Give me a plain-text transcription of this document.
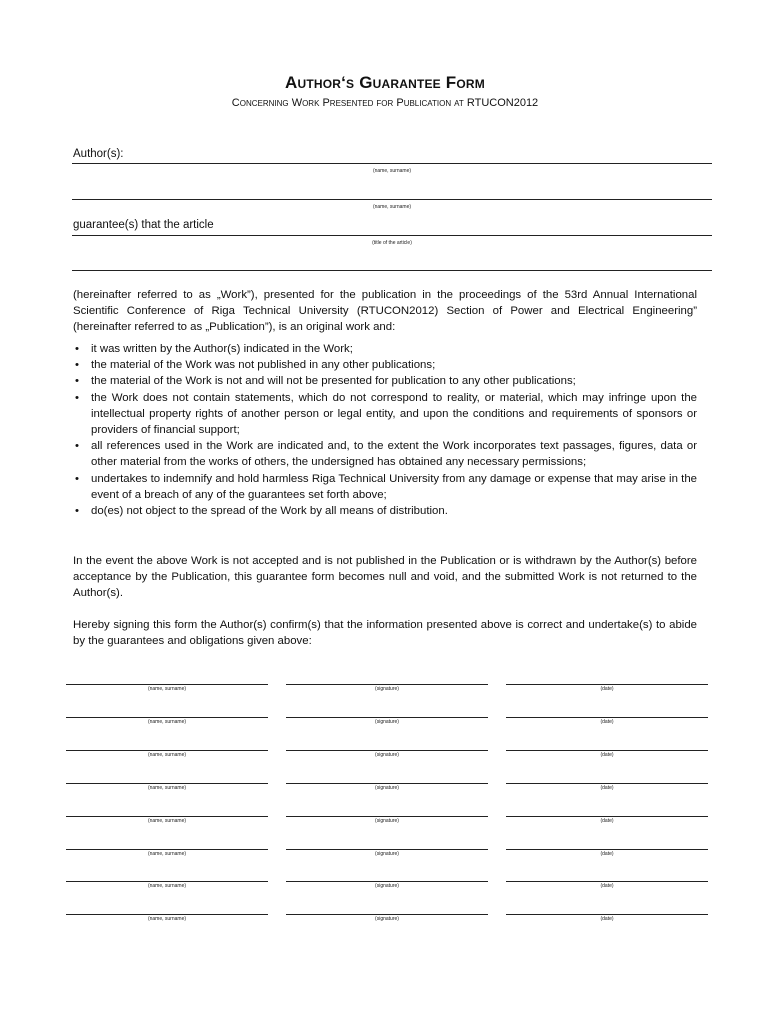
Author‘s Guarantee Form
Concerning Work Presented for Publication at RTUCON2012
Author(s):
(name, surname)
(name, surname)
guarantee(s) that the article
(title of the article)
(hereinafter referred to as „Work”), presented for the publication in the proceedings of the 53rd Annual International Scientific Conference of Riga Technical University (RTUCON2012) Section of Power and Electrical Engineering” (hereinafter referred to as „Publication”), is an original work and:
• it was written by the Author(s) indicated in the Work;
• the material of the Work was not published in any other publications;
• the material of the Work is not and will not be presented for publication to any other publications;
• the Work does not contain statements, which do not correspond to reality, or material, which may infringe upon the intellectual property rights of another person or legal entity, and upon the conditions and requirements of sponsors or providers of financial support;
• all references used in the Work are indicated and, to the extent the Work incorporates text passages, figures, data or other material from the works of others, the undersigned has obtained any necessary permissions;
• undertakes to indemnify and hold harmless Riga Technical University from any damage or expense that may arise in the event of a breach of any of the guarantees set forth above;
• do(es) not object to the spread of the Work by all means of distribution.
In the event the above Work is not accepted and is not published in the Publication or is withdrawn by the Author(s) before acceptance by the Publication, this guarantee form becomes null and void, and the submitted Work is not returned to the Author(s).
Hereby signing this form the Author(s) confirm(s) that the information presented above is correct and undertake(s) to abide by the guarantees and obligations given above:
(name, surname)	(signature)	(date)
(name, surname)	(signature)	(date)
(name, surname)	(signature)	(date)
(name, surname)	(signature)	(date)
(name, surname)	(signature)	(date)
(name, surname)	(signature)	(date)
(name, surname)	(signature)	(date)
(name, surname)	(signature)	(date)
